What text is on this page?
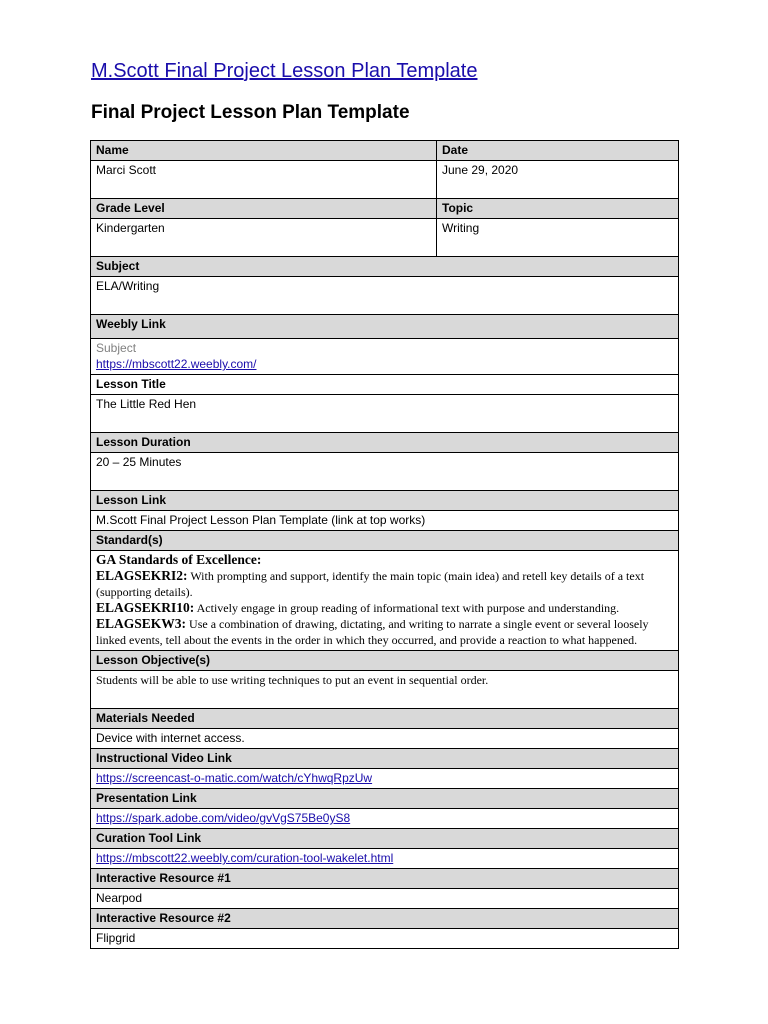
M.Scott Final Project Lesson Plan Template
Final Project Lesson Plan Template
Name	Date
Marci Scott	June 29, 2020
Grade Level	Topic
Kindergarten	Writing
Subject	
ELA/Writing	
Weebly Link	

Subject
https://mbscott22.weebly.com/	
Lesson Title	
The Little Red Hen	
Lesson Duration	
20 – 25 Minutes	
Lesson Link	
M.Scott Final Project Lesson Plan Template (link at top works)	
Standard(s)	

GA Standards of Excellence:
ELAGSEKRI2: With prompting and support, identify the main topic (main idea) and retell key details of a text (supporting details).
ELAGSEKRI10: Actively engage in group reading of informational text with purpose and understanding.
ELAGSEKW3: Use a combination of drawing, dictating, and writing to narrate a single event or several loosely linked events, tell about the events in the order in which they occurred, and provide a reaction to what happened.	

Lesson Objective(s)	
Students will be able to use writing techniques to put an event in sequential order.	
Materials Needed	
Device with internet access.	
Instructional Video Link	
https://screencast-o-matic.com/watch/cYhwqRpzUw	
Presentation Link	
https://spark.adobe.com/video/gvVgS75Be0yS8	
Curation Tool Link	
https://mbscott22.weebly.com/curation-tool-wakelet.html	
Interactive Resource #1	
Nearpod	
Interactive Resource #2	
Flipgrid	
